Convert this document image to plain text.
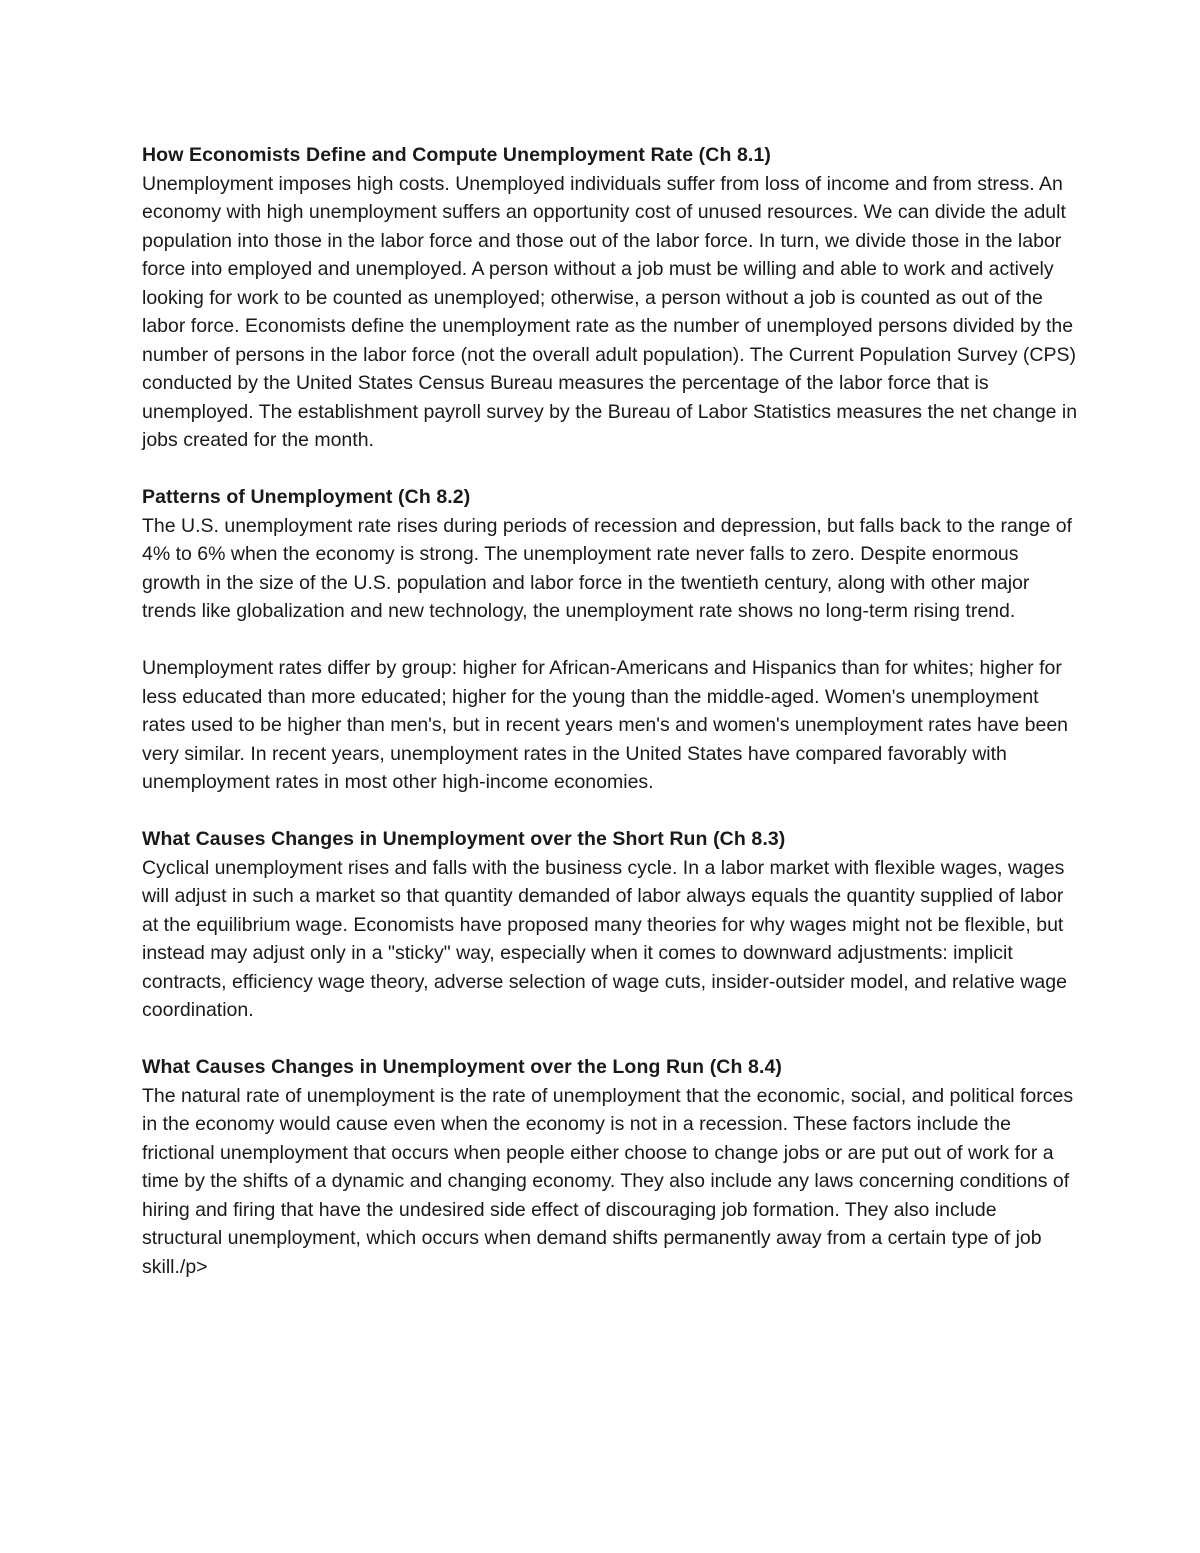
How Economists Define and Compute Unemployment Rate (Ch 8.1)

Unemployment imposes high costs. Unemployed individuals suffer from loss of income and from stress. An economy with high unemployment suffers an opportunity cost of unused resources. We can divide the adult population into those in the labor force and those out of the labor force. In turn, we divide those in the labor force into employed and unemployed. A person without a job must be willing and able to work and actively looking for work to be counted as unemployed; otherwise, a person without a job is counted as out of the labor force. Economists define the unemployment rate as the number of unemployed persons divided by the number of persons in the labor force (not the overall adult population). The Current Population Survey (CPS) conducted by the United States Census Bureau measures the percentage of the labor force that is unemployed. The establishment payroll survey by the Bureau of Labor Statistics measures the net change in jobs created for the month.

Patterns of Unemployment (Ch 8.2)

The U.S. unemployment rate rises during periods of recession and depression, but falls back to the range of 4% to 6% when the economy is strong. The unemployment rate never falls to zero. Despite enormous growth in the size of the U.S. population and labor force in the twentieth century, along with other major trends like globalization and new technology, the unemployment rate shows no long-term rising trend.

Unemployment rates differ by group: higher for African-Americans and Hispanics than for whites; higher for less educated than more educated; higher for the young than the middle-aged. Women's unemployment rates used to be higher than men's, but in recent years men's and women's unemployment rates have been very similar. In recent years, unemployment rates in the United States have compared favorably with unemployment rates in most other high-income economies.

What Causes Changes in Unemployment over the Short Run (Ch 8.3)

Cyclical unemployment rises and falls with the business cycle. In a labor market with flexible wages, wages will adjust in such a market so that quantity demanded of labor always equals the quantity supplied of labor at the equilibrium wage. Economists have proposed many theories for why wages might not be flexible, but instead may adjust only in a "sticky" way, especially when it comes to downward adjustments: implicit contracts, efficiency wage theory, adverse selection of wage cuts, insider-outsider model, and relative wage coordination.

What Causes Changes in Unemployment over the Long Run (Ch 8.4)

The natural rate of unemployment is the rate of unemployment that the economic, social, and political forces in the economy would cause even when the economy is not in a recession. These factors include the frictional unemployment that occurs when people either choose to change jobs or are put out of work for a time by the shifts of a dynamic and changing economy. They also include any laws concerning conditions of hiring and firing that have the undesired side effect of discouraging job formation. They also include structural unemployment, which occurs when demand shifts permanently away from a certain type of job skill./p>
